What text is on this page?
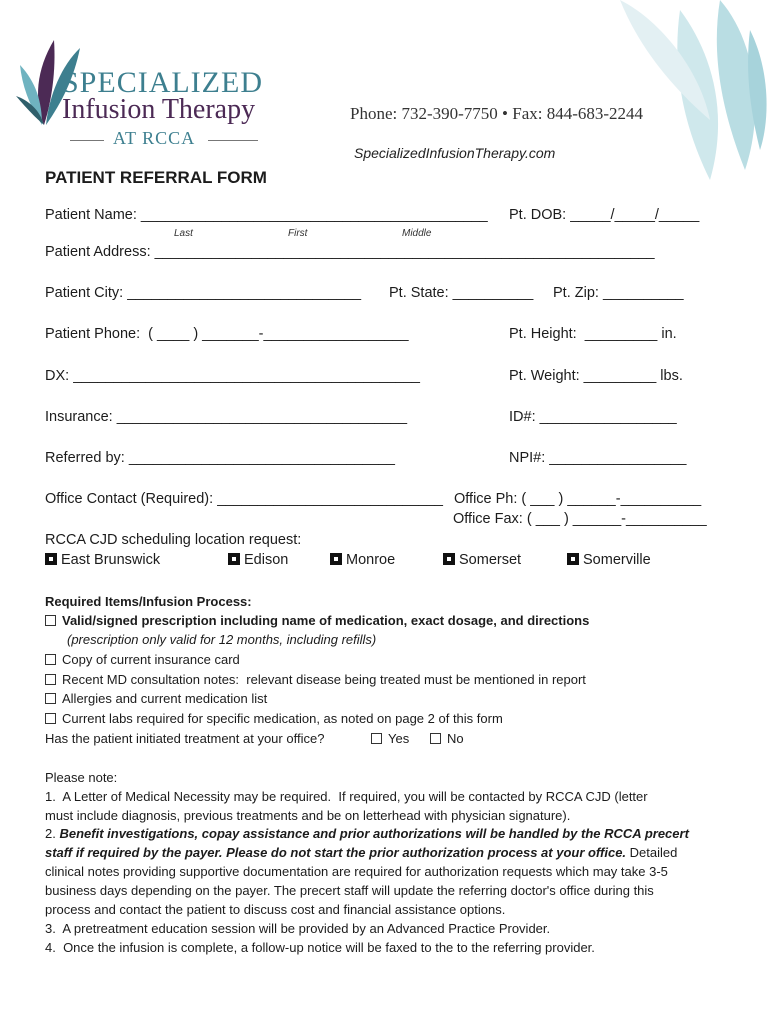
SPECIALIZED
Infusion Therapy
AT RCCA
Phone: 732-390-7750 • Fax: 844-683-2244
SpecializedInfusionTherapy.com
PATIENT REFERRAL FORM
Patient Name: ___________________________________________ Pt. DOB: _____/_____/_____
Last	First	Middle
Patient Address: ______________________________________________________________
Patient City: _____________________________ Pt. State: __________ Pt. Zip: __________
Patient Phone:  ( ____ ) _______-__________________	Pt. Height:  _________ in.
DX: ___________________________________________	Pt. Weight: _________ lbs.
Insurance: ____________________________________	ID#: _________________
Referred by: _________________________________	NPI#: _________________
Office Contact (Required): ____________________________ Office Ph: ( ___ ) ______-__________
Office Fax: ( ___ ) ______-__________
RCCA CJD scheduling location request:
East Brunswick	Edison	Monroe	Somerset	Somerville
Required Items/Infusion Process:
Valid/signed prescription including name of medication, exact dosage, and directions
(prescription only valid for 12 months, including refills)
Copy of current insurance card
Recent MD consultation notes:  relevant disease being treated must be mentioned in report
Allergies and current medication list
Current labs required for specific medication, as noted on page 2 of this form
Has the patient initiated treatment at your office?	Yes	No
Please note:
1.  A Letter of Medical Necessity may be required.  If required, you will be contacted by RCCA CJD (letter
must include diagnosis, previous treatments and be on letterhead with physician signature).
2. Benefit investigations, copay assistance and prior authorizations will be handled by the RCCA precert
staff if required by the payer. Please do not start the prior authorization process at your office. Detailed
clinical notes providing supportive documentation are required for authorization requests which may take 3-5
business days depending on the payer. The precert staff will update the referring doctor's office during this
process and contact the patient to discuss cost and financial assistance options.
3.  A pretreatment education session will be provided by an Advanced Practice Provider.
4.  Once the infusion is complete, a follow-up notice will be faxed to the to the referring provider.
